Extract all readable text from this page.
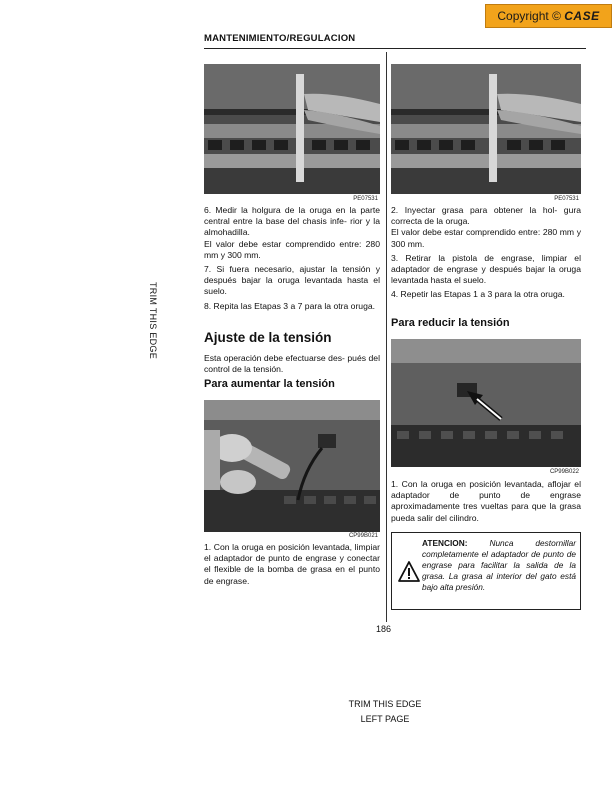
Copyright © CASE
MANTENIMIENTO/REGULACION
TRIM THIS EDGE
PE07531	PE07531

6. Medir la holgura de la oruga en la parte central entre la base del chasis infe- rior y la almohadilla.

El valor debe estar comprendido entre: 280 mm y 300 mm.

7. Si fuera necesario, ajustar la tensión y después bajar la oruga levantada hasta el suelo.

8. Repita las Etapas 3 a 7 para la otra oruga.

Ajuste de la tensión
Esta operación debe efectuarse des- pués del control de la tensión.
Para aumentar la tensión
CP99B021
1. Con la oruga en posición levantada, limpiar el adaptador de punto de engrase y conectar el flexible de la bomba de grasa en el punto de engrase.

2. Inyectar grasa para obtener la hol- gura correcta de la oruga.

El valor debe estar comprendido entre: 280 mm y 300 mm.

3. Retirar la pistola de engrase, limpiar el adaptador de engrase y después bajar la oruga levantada hasta el suelo.

4. Repetir las Etapas 1 a 3 para la otra oruga.

Para reducir la tensión
CP99B022
1. Con la oruga en posición levantada, aflojar el adaptador de punto de engrase aproximadamente tres vueltas para que la grasa pueda salir del cilindro.
ATENCION: Nunca destornillar completamente el adaptador de punto de engrase para facilitar la salida de la grasa. La grasa al interior del gato está bajo alta presión.
186
TRIM THIS EDGE
LEFT PAGE
